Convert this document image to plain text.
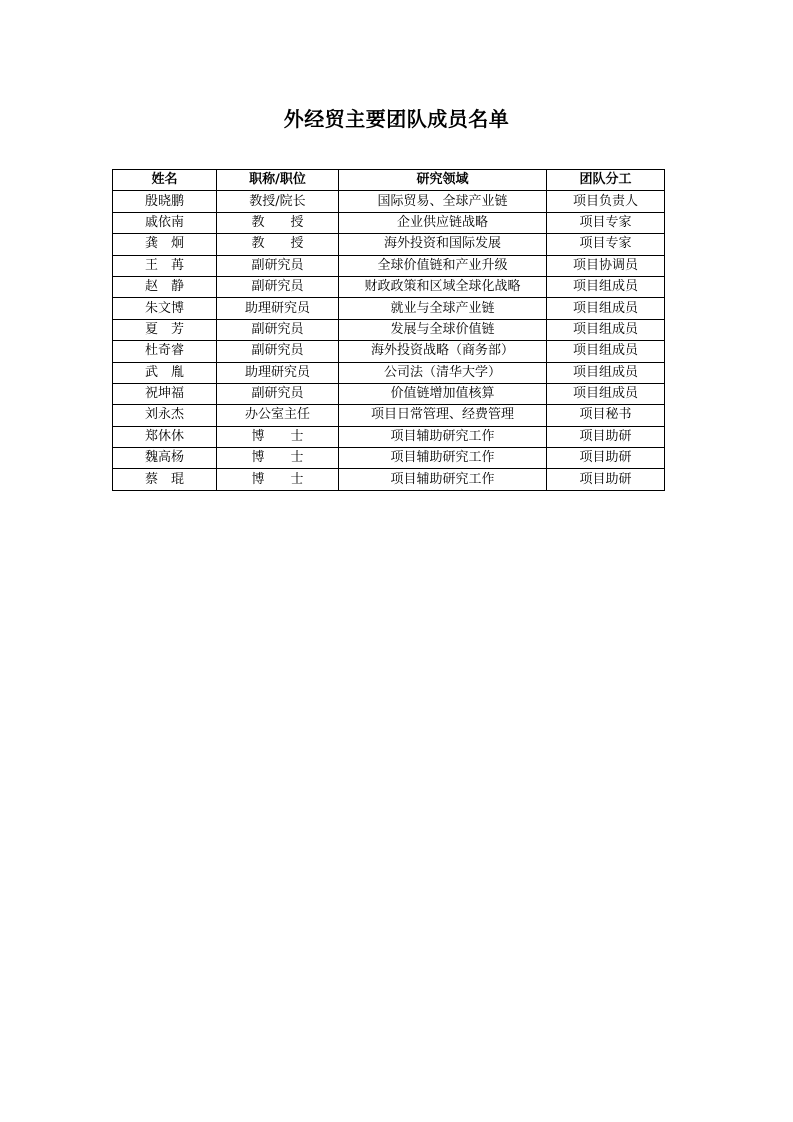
外经贸主要团队成员名单
姓名	职称/职位	研究领域	团队分工
殷晓鹏	教授/院长	国际贸易、全球产业链	项目负责人
戚依南	教　　授	企业供应链战略	项目专家
龚　炯	教　　授	海外投资和国际发展	项目专家
王　苒	副研究员	全球价值链和产业升级	项目协调员
赵　静	副研究员	财政政策和区域全球化战略	项目组成员
朱文博	助理研究员	就业与全球产业链	项目组成员
夏　芳	副研究员	发展与全球价值链	项目组成员
杜奇睿	副研究员	海外投资战略（商务部）	项目组成员
武　胤	助理研究员	公司法（清华大学）	项目组成员
祝坤福	副研究员	价值链增加值核算	项目组成员
刘永杰	办公室主任	项目日常管理、经费管理	项目秘书
郑休休	博　　士	项目辅助研究工作	项目助研
魏高杨	博　　士	项目辅助研究工作	项目助研
蔡　琨	博　　士	项目辅助研究工作	项目助研
